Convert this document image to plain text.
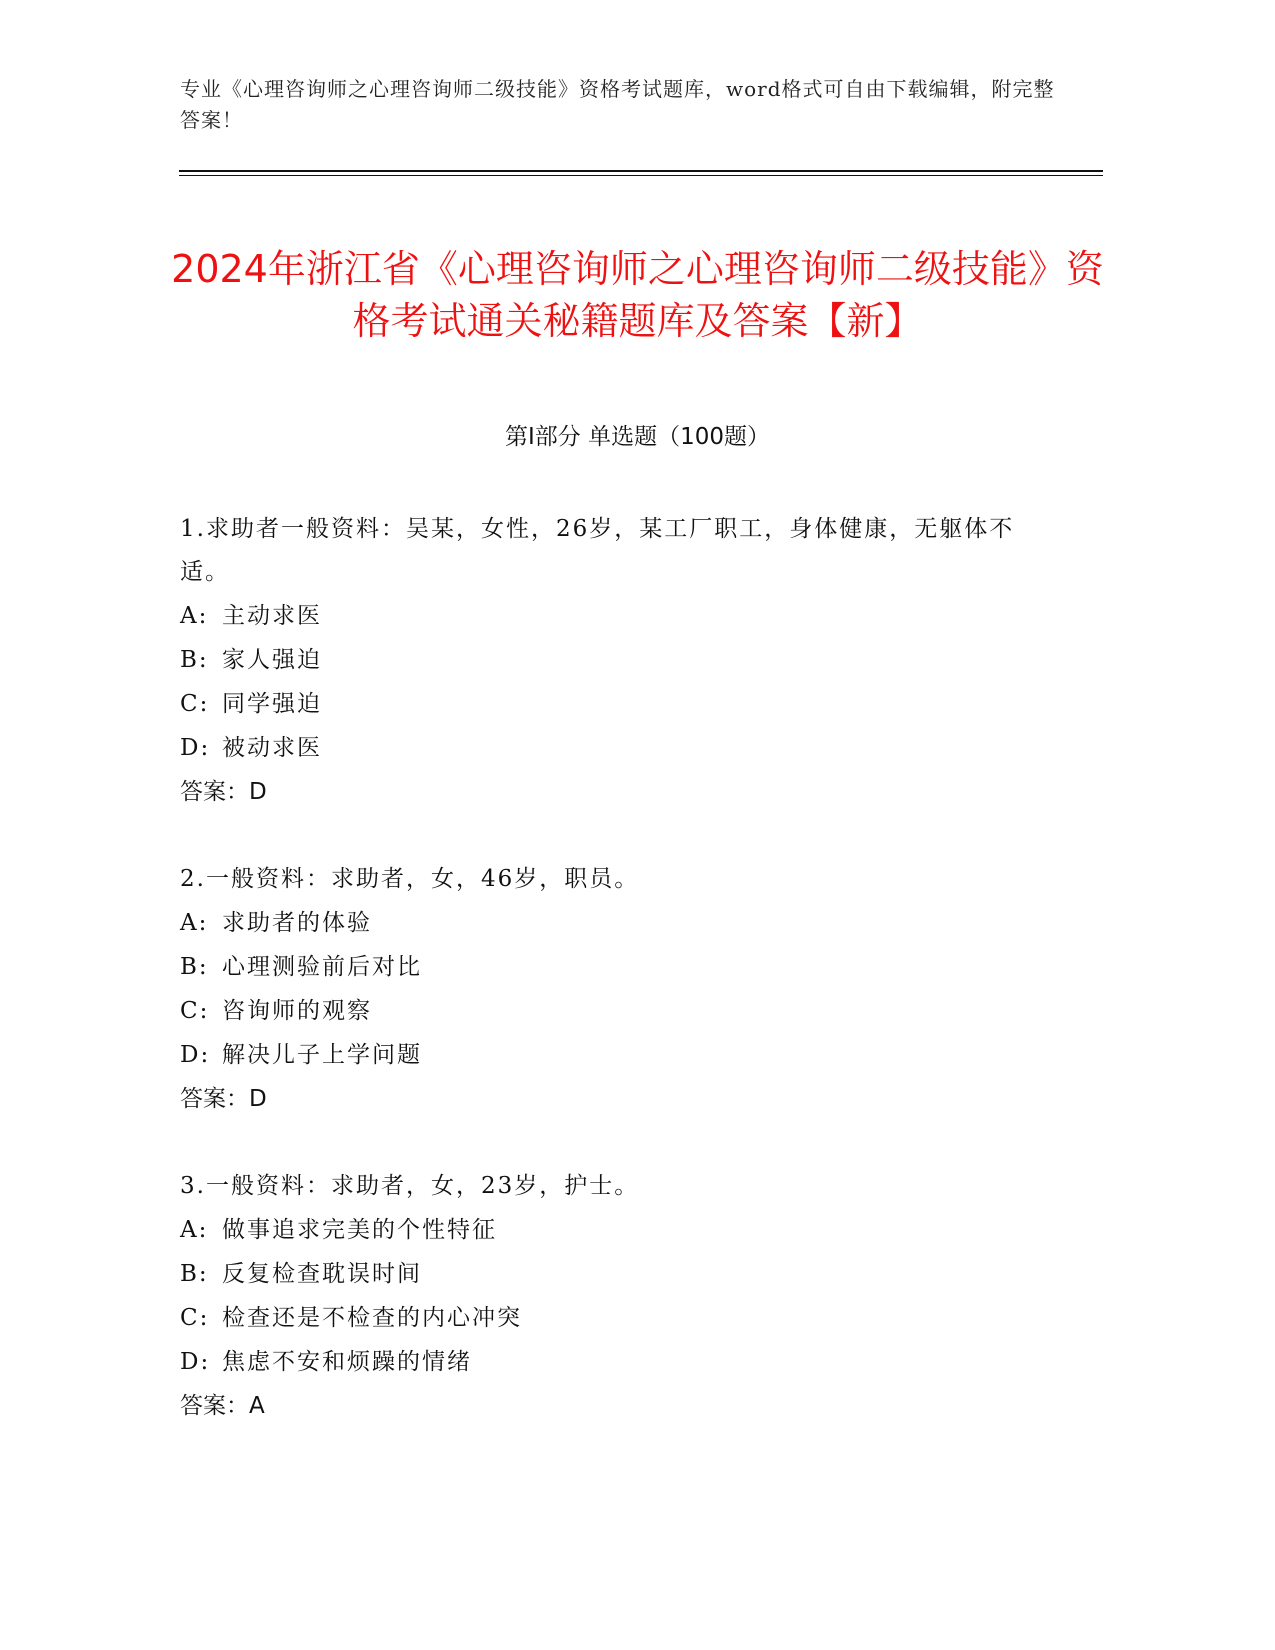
专业《心理咨询师之心理咨询师二级技能》资格考试题库，word格式可自由下载编辑，附完整答案！
2024年浙江省《心理咨询师之心理咨询师二级技能》资格考试通关秘籍题库及答案【新】
第Ⅰ部分 单选题（100题）
1.求助者一般资料：吴某，女性，26岁，某工厂职工，身体健康，无躯体不适。
A: 主动求医
B: 家人强迫
C: 同学强迫
D: 被动求医
答案：D
2.一般资料：求助者，女，46岁，职员。
A: 求助者的体验
B: 心理测验前后对比
C: 咨询师的观察
D: 解决儿子上学问题
答案：D
3.一般资料：求助者，女，23岁，护士。
A: 做事追求完美的个性特征
B: 反复检查耽误时间
C: 检查还是不检查的内心冲突
D: 焦虑不安和烦躁的情绪
答案：A
